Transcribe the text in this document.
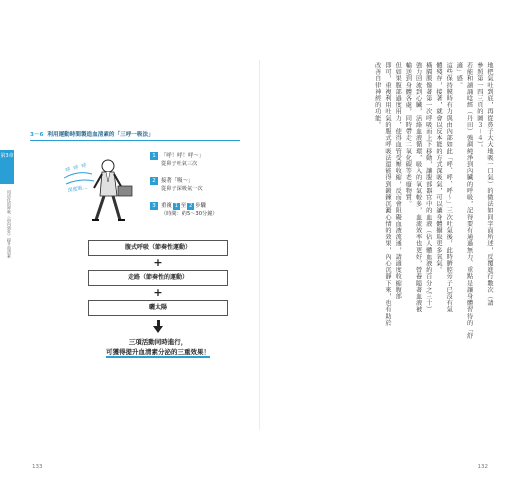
第3章
用活化的呼吸（由內到外）提升血清素
3－6 利用運動時間製造血清素的「三呼一吸法」
呼 呼 呼
深度吸…
1 「呼！呼！呼～」
從鼻子吐氣三次
2 接著「吸～」
從鼻子深吸氣一次
3 重複 1 至 2 步驟
（時間：約5～30分鐘）
腹式呼吸（節奏性運動）
+
走路（節奏性的運動）
+
曬太陽
三項活動同時進行，
可獲得提升血清素分泌的三重效果！
133
地把氣吐到底，再從鼻子大大地吸一口氣）的做法如同字面所述，反覆進行數次（請
參照第一四三頁的圖３－４）。
若能和讀誦唸經（丹田）強調純淨到內臟的呼吸，記得要有通過無力、重點是讓身體習待的「舒
適」感。
這些保持膜時有力與由內部如此「呼、呼、呼～」三次吐氣後，此時臍腔旁子已沒有氣
體殘存，接著，就會以反本能的方式深吸氣，可以讓身體攝取更多氧氣。
橫膈膜像著第一次呼吸而上下移動，讓腹部器官中的血液（佔人體血液約百分之三十）
強力回流到心臟，活絡血液循環，吸入的氧氣較多，血流效率也更好，營養隨著血液被
輸送到身體各處，同時帶走二氧化碳等老廢物質。
但如果腹部過度用力，使得血管受壓收縮，反而會阻礙血液流通，請適度收縮腹部
即可，重複利用吐氣的腹式呼吸法還能得到鍛鍊沉澱心情的效果，內心沉靜下來，也有助於
改善自律神經的功能。
132
